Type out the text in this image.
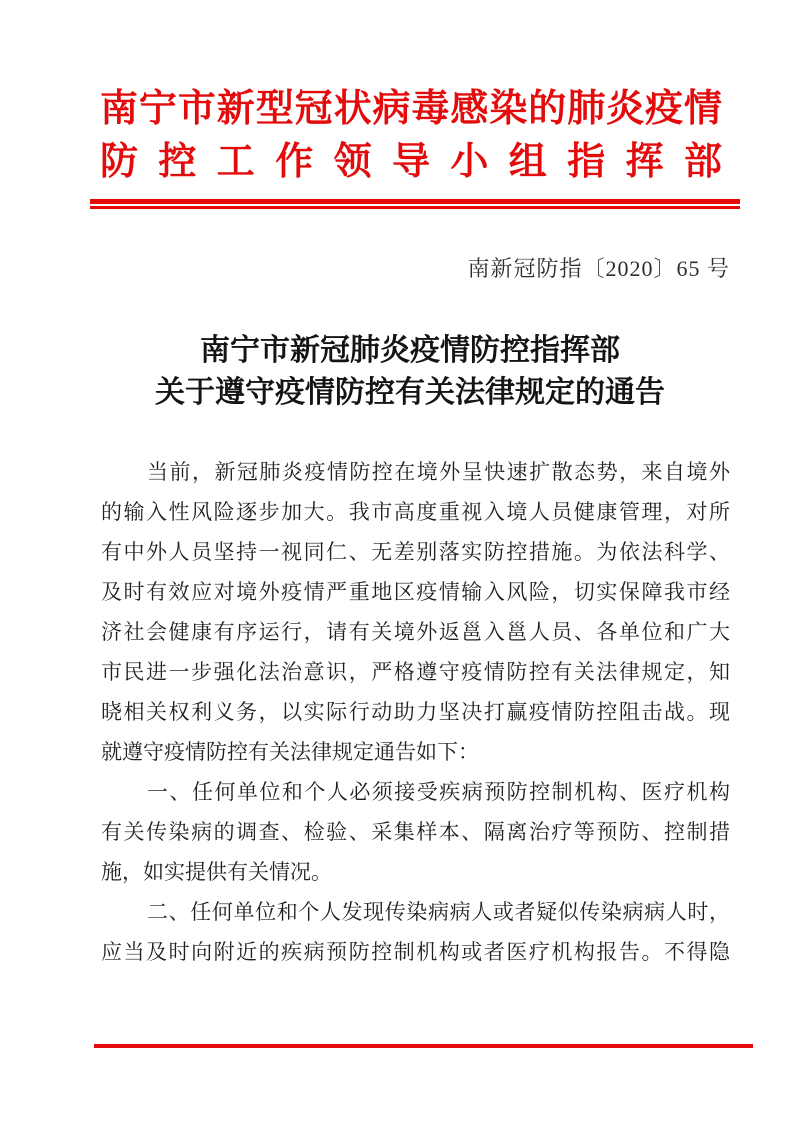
南宁市新型冠状病毒感染的肺炎疫情
防控工作领导小组指挥部
南新冠防指〔2020〕65 号
南宁市新冠肺炎疫情防控指挥部
关于遵守疫情防控有关法律规定的通告
当前，新冠肺炎疫情防控在境外呈快速扩散态势，来自境外
的输入性风险逐步加大。我市高度重视入境人员健康管理，对所
有中外人员坚持一视同仁、无差别落实防控措施。为依法科学、
及时有效应对境外疫情严重地区疫情输入风险，切实保障我市经
济社会健康有序运行，请有关境外返邕入邕人员、各单位和广大
市民进一步强化法治意识，严格遵守疫情防控有关法律规定，知
晓相关权利义务，以实际行动助力坚决打赢疫情防控阻击战。现
就遵守疫情防控有关法律规定通告如下：
一、任何单位和个人必须接受疾病预防控制机构、医疗机构
有关传染病的调查、检验、采集样本、隔离治疗等预防、控制措
施，如实提供有关情况。
二、任何单位和个人发现传染病病人或者疑似传染病病人时，
应当及时向附近的疾病预防控制机构或者医疗机构报告。不得隐
